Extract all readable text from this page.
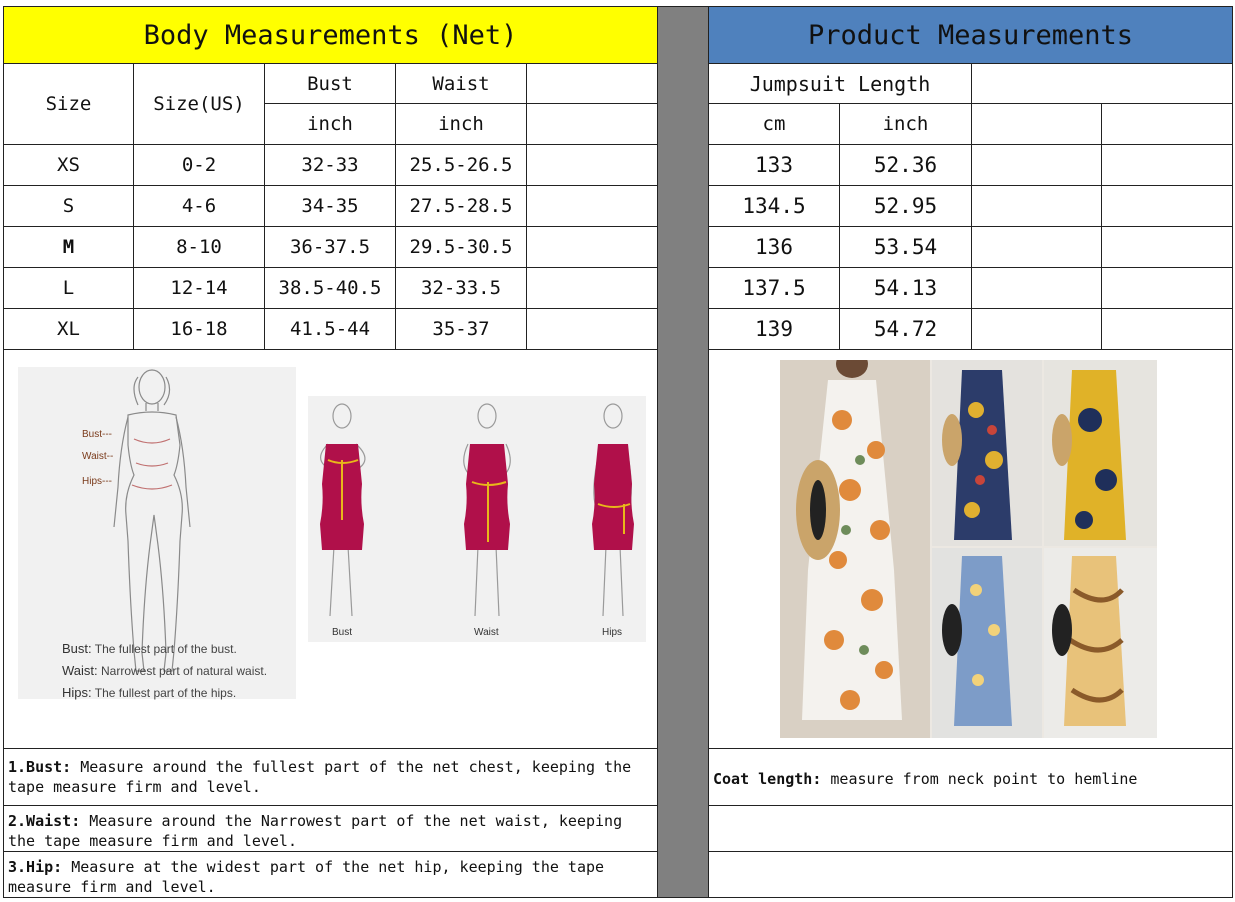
Body Measurements (Net)
Size	Size(US)
Bust	Waist
inch	inch
XS	0-2	32-33	25.5-26.5
S	4-6	34-35	27.5-28.5
M	8-10	36-37.5	29.5-30.5
L	12-14	38.5-40.5	32-33.5
XL	16-18	41.5-44	35-37
Bust---
Waist--
Hips---
Bust: The fullest part of the bust.
Waist: Narrowest part of natural waist.
Hips: The fullest part of the hips.
Bust	Waist	Hips
1.Bust: Measure around the fullest part of the net chest, keeping the tape measure firm and level.
2.Waist: Measure around the Narrowest part of the net waist, keeping the tape measure firm and level.
3.Hip: Measure at the widest part of the net hip, keeping the tape measure firm and level.
Product Measurements
Jumpsuit Length
cm	inch
133	52.36
134.5	52.95
136	53.54
137.5	54.13
139	54.72
Coat length: measure from neck point to hemline
